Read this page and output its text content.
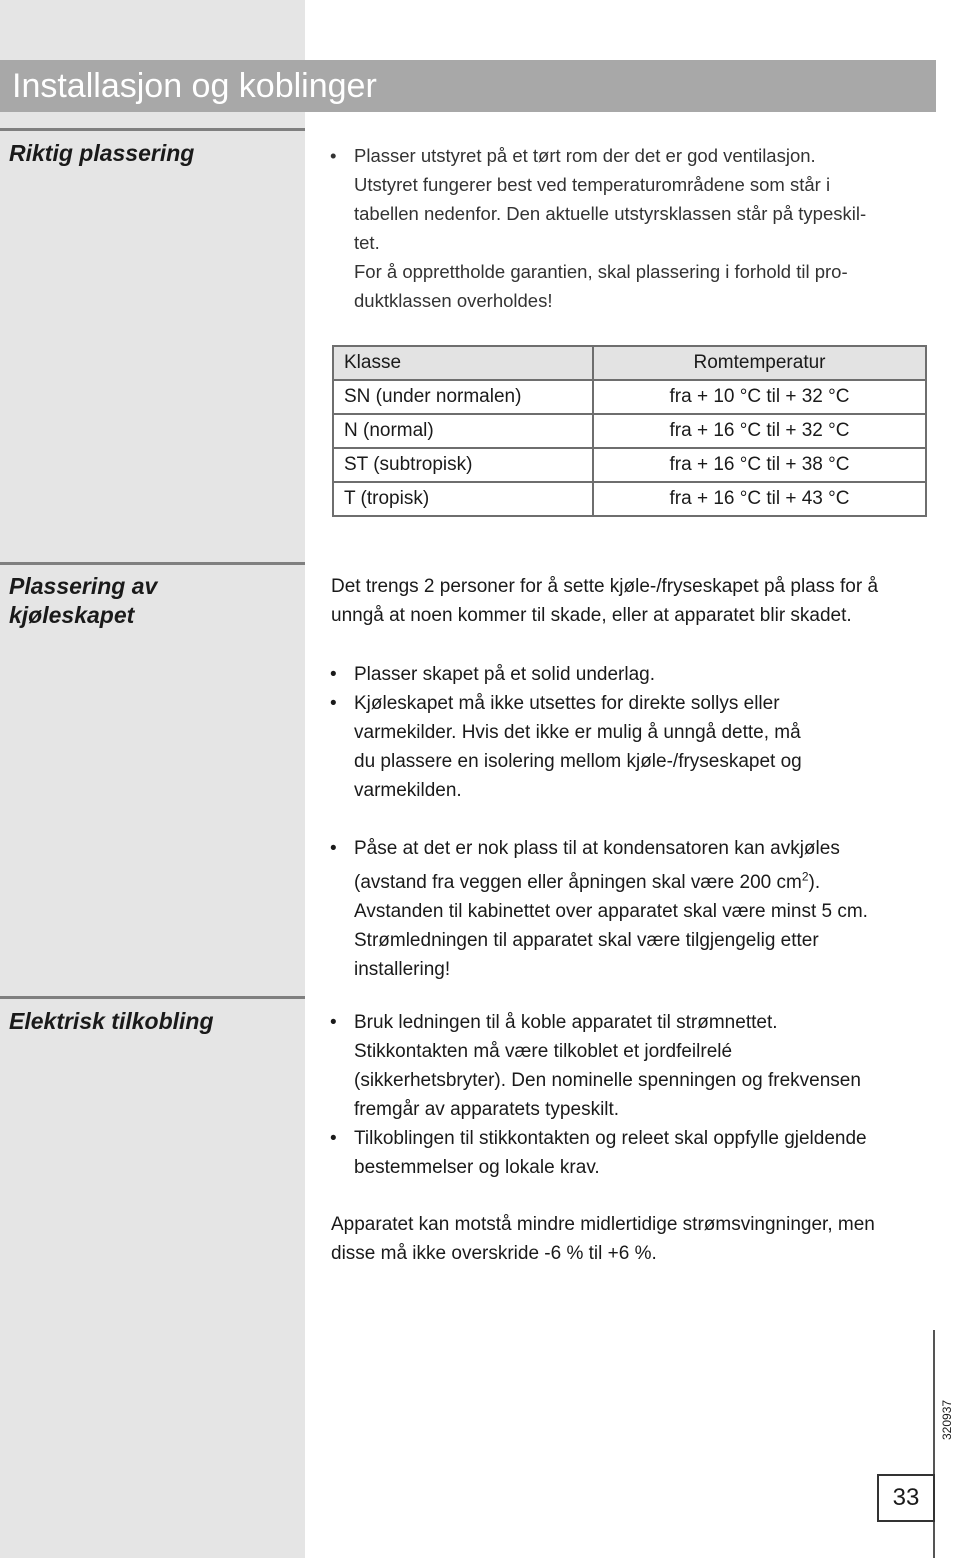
Installasjon og koblinger
Riktig plassering	• Plasser utstyret på et tørt rom der det er god ventilasjon.
Utstyret fungerer best ved temperaturområdene som står i
tabellen nedenfor. Den aktuelle utstyrsklassen står på typeskil-
tet.
For å opprettholde garantien, skal plassering i forhold til pro-
duktklassen overholdes!
Klasse	Romtemperatur
SN (under normalen)	fra + 10 °C til + 32 °C
N (normal)	fra + 16 °C til + 32 °C
ST (subtropisk)	fra + 16 °C til + 38 °C
T (tropisk)	fra + 16 °C til + 43 °C
Plassering av
kjøleskapet

Det trengs 2 personer for å sette kjøle-/fryseskapet på plass for å
unngå at noen kommer til skade, eller at apparatet blir skadet.

• Plasser skapet på et solid underlag.
• Kjøleskapet må ikke utsettes for direkte sollys eller
varmekilder. Hvis det ikke er mulig å unngå dette, må
du plassere en isolering mellom kjøle-/fryseskapet og
varmekilden.
• Påse at det er nok plass til at kondensatoren kan avkjøles
(avstand fra veggen eller åpningen skal være 200 $cm^2$).
Avstanden til kabinettet over apparatet skal være minst 5 cm.
Strømledningen til apparatet skal være tilgjengelig etter
installering!
Elektrisk tilkobling	• Bruk ledningen til å koble apparatet til strømnettet.
Stikkontakten må være tilkoblet et jordfeilrelé
(sikkerhetsbryter). Den nominelle spenningen og frekvensen
fremgår av apparatets typeskilt.
• Tilkoblingen til stikkontakten og releet skal oppfylle gjeldende
bestemmelser og lokale krav.

Apparatet kan motstå mindre midlertidige strømsvingninger, men
disse må ikke overskride -6 % til +6 %.

33
320937
